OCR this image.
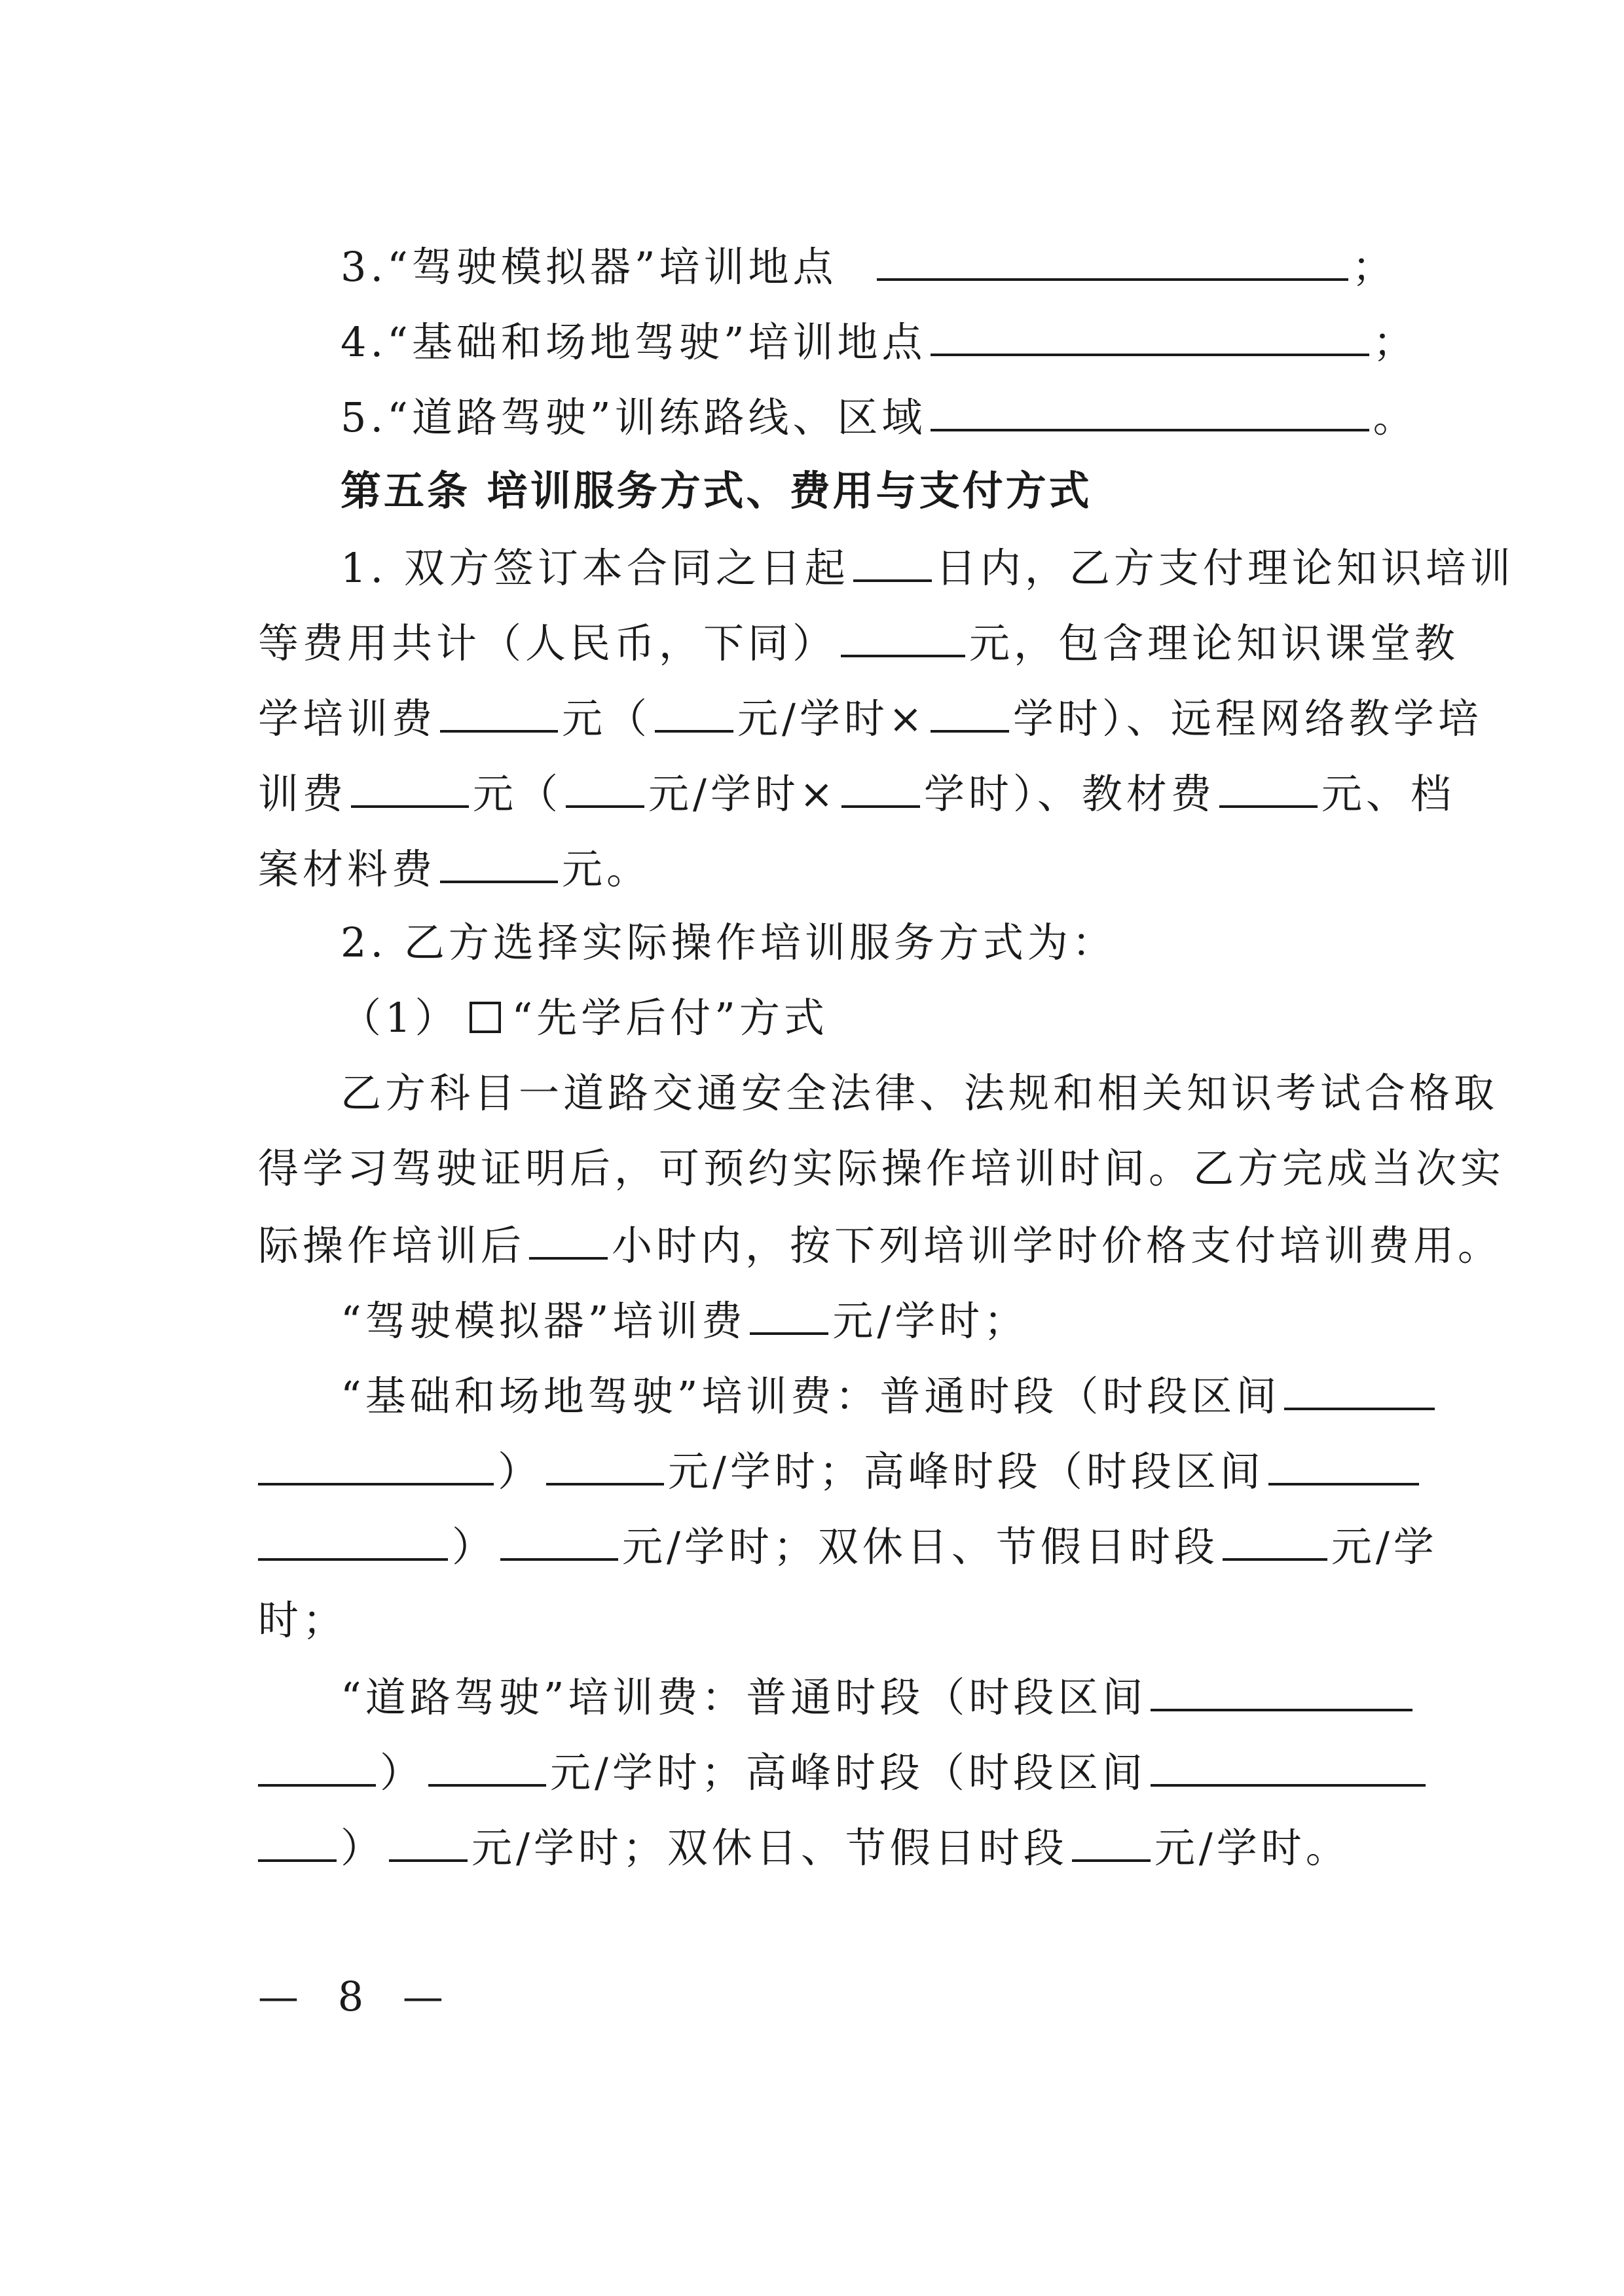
3.“驾驶模拟器”培训地点	；
4.“基础和场地驾驶”培训地点	；
5.“道路驾驶”训练路线、区域	。
第五条 培训服务方式、费用与支付方式
1. 双方签订本合同之日起 日内，乙方支付理论知识培训
等费用共计（人民币，下同）	元，包含理论知识课堂教
学培训费	元（ 元/学时× 学时）、远程网络教学培
训费	元（ 元/学时× 学时）、教材费	元、档
案材料费	元。
2. 乙方选择实际操作培训服务方式为：
（1） “先学后付”方式
乙方科目一道路交通安全法律、法规和相关知识考试合格取
得学习驾驶证明后，可预约实际操作培训时间。乙方完成当次实
际操作培训后 小时内，按下列培训学时价格支付培训费用。
“驾驶模拟器”培训费 元/学时；
“基础和场地驾驶”培训费：普通时段（时段区间
）	元/学时；高峰时段（时段区间
）	元/学时；双休日、节假日时段	元/学
时；
“道路驾驶”培训费：普通时段（时段区间
）	元/学时；高峰时段（时段区间
） 元/学时；双休日、节假日时段 元/学时。
— 8 —
